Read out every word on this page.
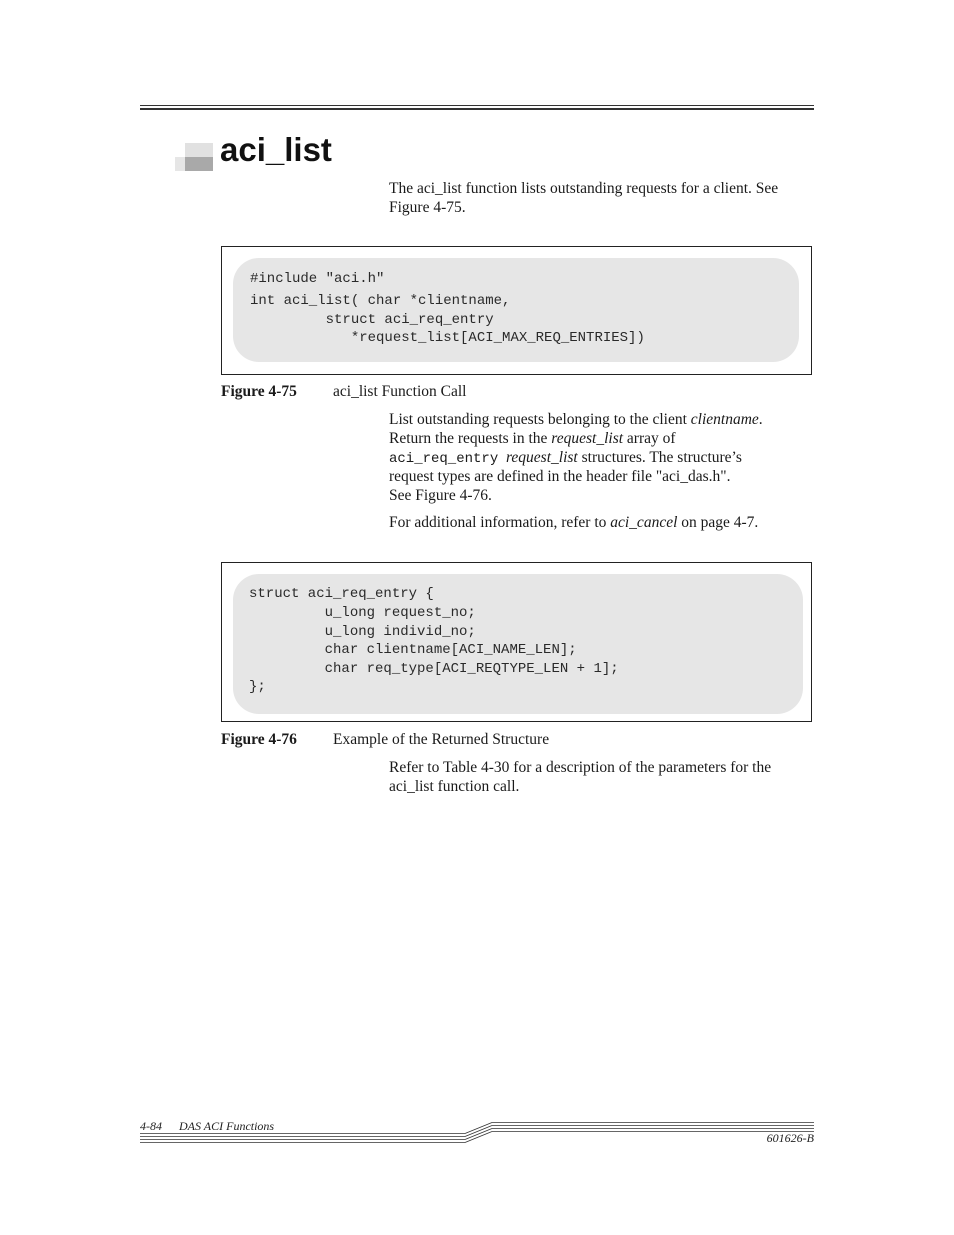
aci_list

The aci_list function lists outstanding requests for a client. See Figure 4-75.

#include "aci.h"
int aci_list( char *clientname,
struct aci_req_entry
*request_list[ACI_MAX_REQ_ENTRIES])
Figure 4-75 aci_list Function Call
List outstanding requests belonging to the client clientname.
Return the requests in the request_list array of
aci_req_entry request_list structures. The structure’s
request types are defined in the header file "aci_das.h".
See Figure 4-76.
For additional information, refer to aci_cancel on page 4-7.
struct aci_req_entry {
u_long request_no;
u_long individ_no;
char clientname[ACI_NAME_LEN];
char req_type[ACI_REQTYPE_LEN + 1];
};
Figure 4-76 Example of the Returned Structure

Refer to Table 4-30 for a description of the parameters for the aci_list function call.

4-84 DAS ACI Functions
601626-B
